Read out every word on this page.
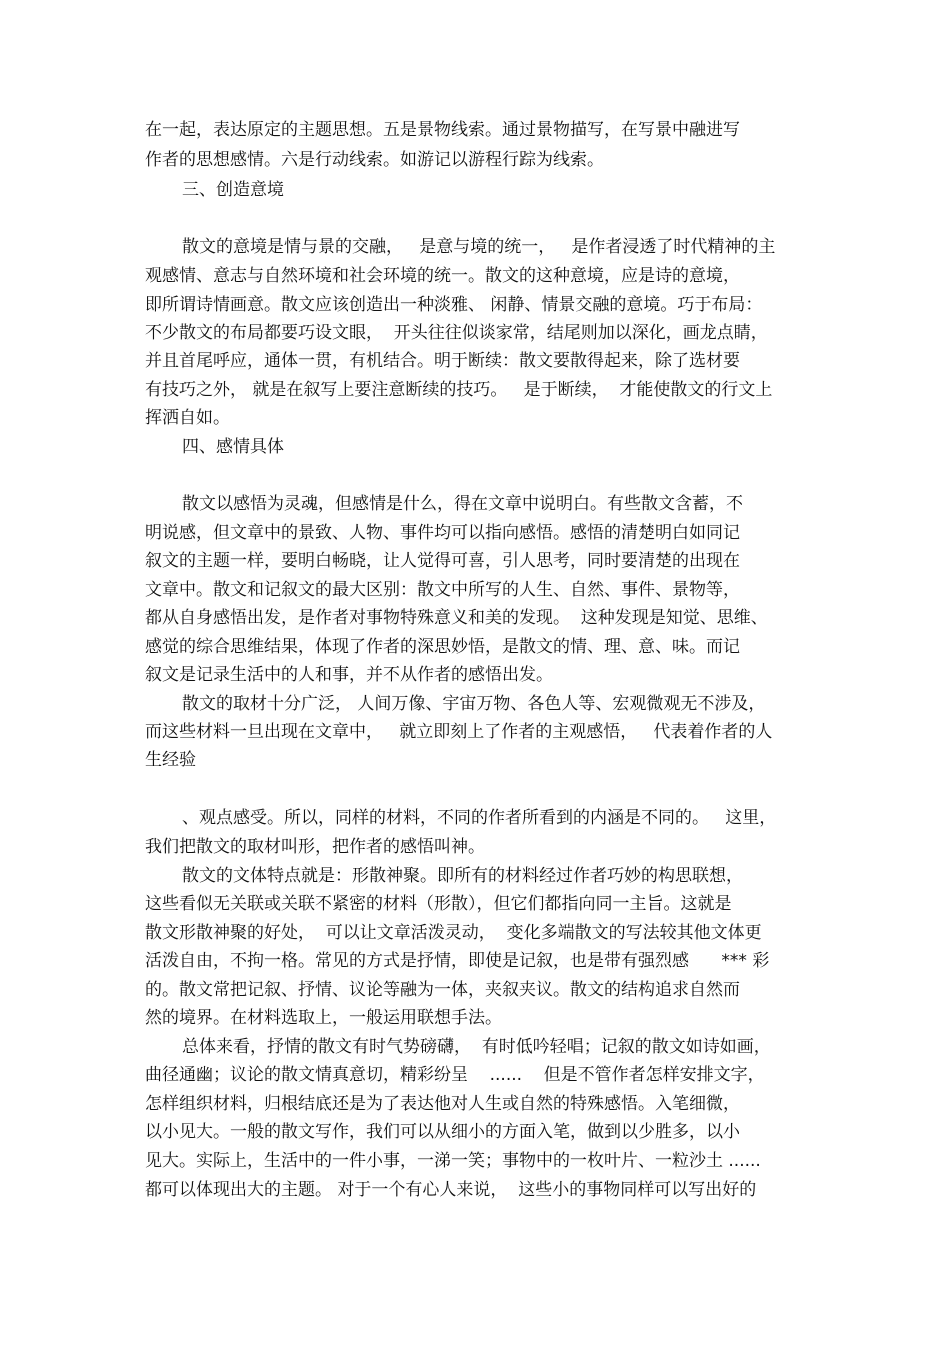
在一起，表达原定的主题思想。五是景物线索。通过景物描写，在写景中融进写
作者的思想感情。六是行动线索。如游记以游程行踪为线索。
三、创造意境
散文的意境是情与景的交融，   是意与境的统一，   是作者浸透了时代精神的主
观感情、意志与自然环境和社会环境的统一。散文的这种意境，应是诗的意境，
即所谓诗情画意。散文应该创造出一种淡雅、 闲静、情景交融的意境。巧于布局：
不少散文的布局都要巧设文眼，  开头往往似谈家常，结尾则加以深化，画龙点睛，
并且首尾呼应，通体一贯，有机结合。明于断续：散文要散得起来，除了选材要
有技巧之外， 就是在叙写上要注意断续的技巧。   是于断续，  才能使散文的行文上
挥洒自如。
四、感情具体
散文以感悟为灵魂，但感情是什么，得在文章中说明白。有些散文含蓄，不
明说感，但文章中的景致、人物、事件均可以指向感悟。感悟的清楚明白如同记
叙文的主题一样，要明白畅晓，让人觉得可喜，引人思考，同时要清楚的出现在
文章中。散文和记叙文的最大区别：散文中所写的人生、自然、事件、景物等，
都从自身感悟出发，是作者对事物特殊意义和美的发现。  这种发现是知觉、思维、
感觉的综合思维结果，体现了作者的深思妙悟，是散文的情、理、意、味。而记
叙文是记录生活中的人和事，并不从作者的感悟出发。
散文的取材十分广泛， 人间万像、宇宙万物、各色人等、宏观微观无不涉及，
而这些材料一旦出现在文章中，   就立即刻上了作者的主观感悟，   代表着作者的人
生经验
、观点感受。所以，同样的材料，不同的作者所看到的内涵是不同的。   这里，
我们把散文的取材叫形，把作者的感悟叫神。
散文的文体特点就是：形散神聚。即所有的材料经过作者巧妙的构思联想，
这些看似无关联或关联不紧密的材料（形散），但它们都指向同一主旨。这就是
散文形散神聚的好处，  可以让文章活泼灵动，  变化多端散文的写法较其他文体更
活泼自由，不拘一格。常见的方式是抒情，即使是记叙，也是带有强烈感      *** 彩
的。散文常把记叙、抒情、议论等融为一体，夹叙夹议。散文的结构追求自然而
然的境界。在材料选取上，一般运用联想手法。
总体来看，抒情的散文有时气势磅礴，  有时低吟轻唱；记叙的散文如诗如画，
曲径通幽；议论的散文情真意切，精彩纷呈    ......    但是不管作者怎样安排文字，
怎样组织材料，归根结底还是为了表达他对人生或自然的特殊感悟。入笔细微，
以小见大。一般的散文写作，我们可以从细小的方面入笔，做到以少胜多，以小
见大。实际上，生活中的一件小事，一涕一笑；事物中的一枚叶片、一粒沙土 ......
都可以体现出大的主题。 对于一个有心人来说，  这些小的事物同样可以写出好的
